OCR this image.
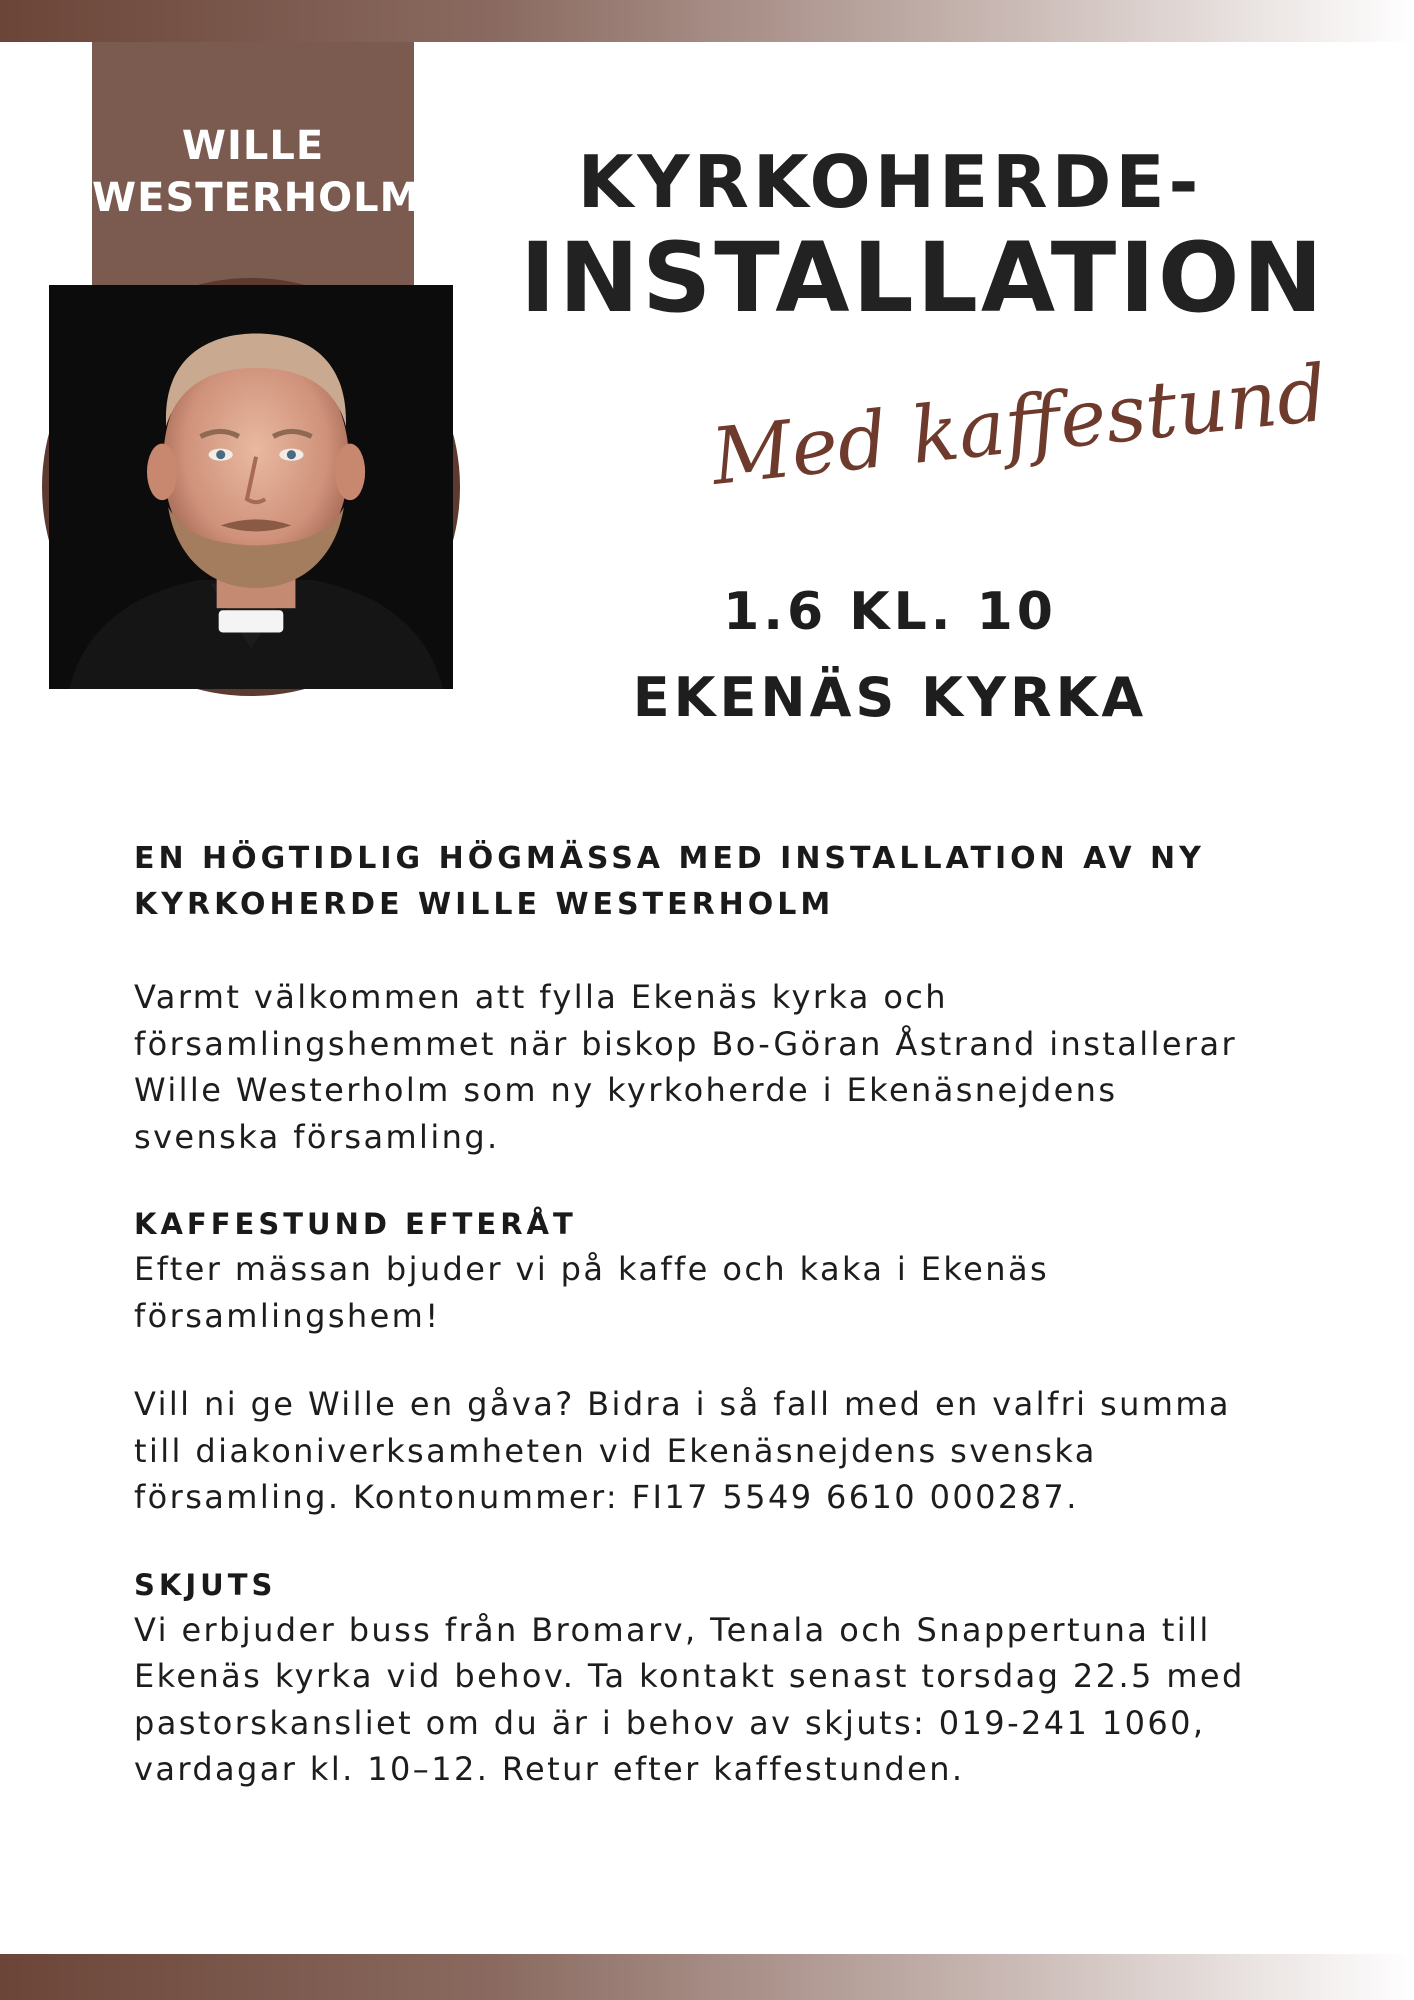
WILLE
WESTERHOLM	KYRKOHERDE-
INSTALLATION
Med kaffestund
1.6 KL. 10
EKENÄS KYRKA
EN HÖGTIDLIG HÖGMÄSSA MED INSTALLATION AV NY
KYRKOHERDE WILLE WESTERHOLM
Varmt välkommen att fylla Ekenäs kyrka och
församlingshemmet när biskop Bo-Göran Åstrand installerar
Wille Westerholm som ny kyrkoherde i Ekenäsnejdens
svenska församling.
KAFFESTUND EFTERÅT
Efter mässan bjuder vi på kaffe och kaka i Ekenäs
församlingshem!
Vill ni ge Wille en gåva? Bidra i så fall med en valfri summa
till diakoniverksamheten vid Ekenäsnejdens svenska
församling. Kontonummer: FI17 5549 6610 000287.
SKJUTS
Vi erbjuder buss från Bromarv, Tenala och Snappertuna till
Ekenäs kyrka vid behov. Ta kontakt senast torsdag 22.5 med
pastorskansliet om du är i behov av skjuts: 019-241 1060,
vardagar kl. 10–12. Retur efter kaffestunden.
